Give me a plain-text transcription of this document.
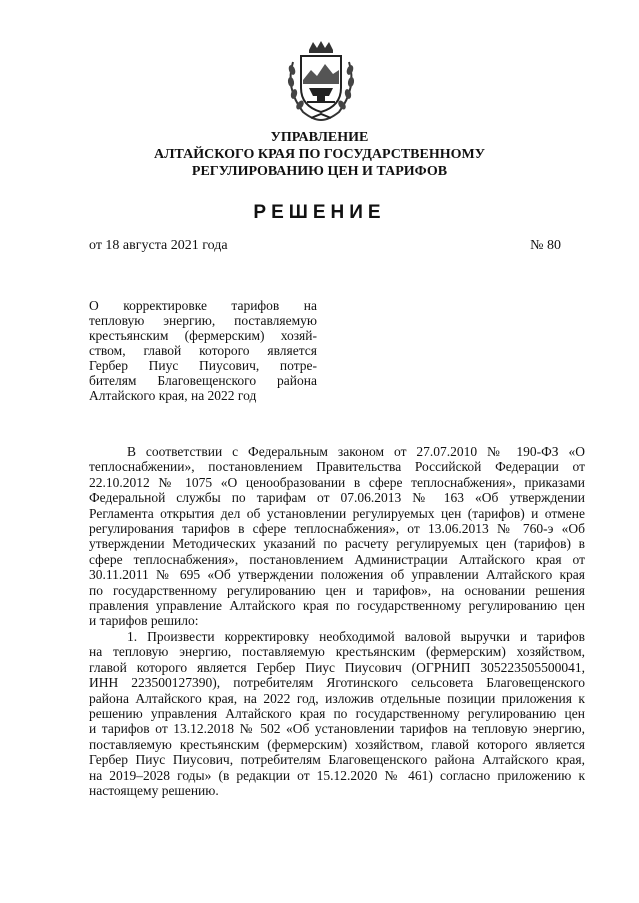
УПРАВЛЕНИЕ
АЛТАЙСКОГО КРАЯ ПО ГОСУДАРСТВЕННОМУ
РЕГУЛИРОВАНИЮ ЦЕН И ТАРИФОВ
РЕШЕНИЕ
от 18 августа 2021 года	№ 80
О корректировке тарифов на
тепловую энергию, поставляемую
крестьянским (фермерским) хозяй-
ством, главой которого является
Гербер Пиус Пиусович, потре-
бителям Благовещенского района
Алтайского края, на 2022 год
В соответствии с Федеральным законом от 27.07.2010 № 190-ФЗ «О
теплоснабжении», постановлением Правительства Российской Федерации от
22.10.2012 № 1075 «О ценообразовании в сфере теплоснабжения», приказами
Федеральной службы по тарифам от 07.06.2013 № 163 «Об утверждении
Регламента открытия дел об установлении регулируемых цен (тарифов) и отмене
регулирования тарифов в сфере теплоснабжения», от 13.06.2013 № 760-э «Об
утверждении Методических указаний по расчету регулируемых цен (тарифов) в
сфере теплоснабжения», постановлением Администрации Алтайского края от
30.11.2011 № 695 «Об утверждении положения об управлении Алтайского края
по государственному регулированию цен и тарифов», на основании решения
правления управление Алтайского края по государственному регулированию цен
и тарифов решило:
1. Произвести корректировку необходимой валовой выручки и тарифов
на тепловую энергию, поставляемую крестьянским (фермерским) хозяйством,
главой которого является Гербер Пиус Пиусович (ОГРНИП 305223505500041,
ИНН 223500127390), потребителям Яготинского сельсовета Благовещенского
района Алтайского края, на 2022 год, изложив отдельные позиции приложения к
решению управления Алтайского края по государственному регулированию цен
и тарифов от 13.12.2018 № 502 «Об установлении тарифов на тепловую энергию,
поставляемую крестьянским (фермерским) хозяйством, главой которого является
Гербер Пиус Пиусович, потребителям Благовещенского района Алтайского края,
на 2019–2028 годы» (в редакции от 15.12.2020 № 461) согласно приложению к
настоящему решению.
